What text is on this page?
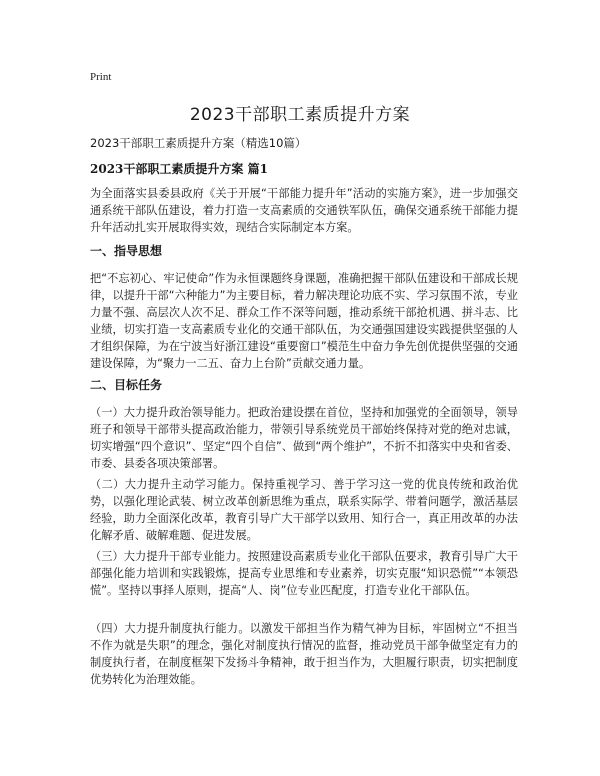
Print
2023干部职工素质提升方案

2023干部职工素质提升方案（精选10篇）

2023干部职工素质提升方案 篇1

为全面落实县委县政府《关于开展“干部能力提升年”活动的实施方案》，进一步加强交通系统干部队伍建设，着力打造一支高素质的交通铁军队伍，确保交通系统干部能力提升年活动扎实开展取得实效，现结合实际制定本方案。

一、指导思想

把“不忘初心、牢记使命”作为永恒课题终身课题，准确把握干部队伍建设和干部成长规律，以提升干部“六种能力”为主要目标，着力解决理论功底不实、学习氛围不浓，专业力量不强、高层次人次不足、群众工作不深等问题，推动系统干部抢机遇、拼斗志、比业绩，切实打造一支高素质专业化的交通干部队伍，为交通强国建设实践提供坚强的人才组织保障，为在宁波当好浙江建设“重要窗口”模范生中奋力争先创优提供坚强的交通建设保障，为“聚力一二五、奋力上台阶”贡献交通力量。

二、目标任务

（一）大力提升政治领导能力。把政治建设摆在首位，坚持和加强党的全面领导，领导班子和领导干部带头提高政治能力，带领引导系统党员干部始终保持对党的绝对忠诚，切实增强“四个意识”、坚定“四个自信”、做到“两个维护”，不折不扣落实中央和省委、市委、县委各项决策部署。

（二）大力提升主动学习能力。保持重视学习、善于学习这一党的优良传统和政治优势，以强化理论武装、树立改革创新思维为重点，联系实际学、带着问题学，激活基层经验，助力全面深化改革，教育引导广大干部学以致用、知行合一，真正用改革的办法化解矛盾、破解难题、促进发展。

（三）大力提升干部专业能力。按照建设高素质专业化干部队伍要求，教育引导广大干部强化能力培训和实践锻炼，提高专业思维和专业素养，切实克服“知识恐慌”“本领恐慌”。坚持以事择人原则，提高“人、岗”位专业匹配度，打造专业化干部队伍。

（四）大力提升制度执行能力。以激发干部担当作为精气神为目标，牢固树立“不担当不作为就是失职”的理念，强化对制度执行情况的监督，推动党员干部争做坚定有力的制度执行者，在制度框架下发扬斗争精神，敢于担当作为，大胆履行职责，切实把制度优势转化为治理效能。
